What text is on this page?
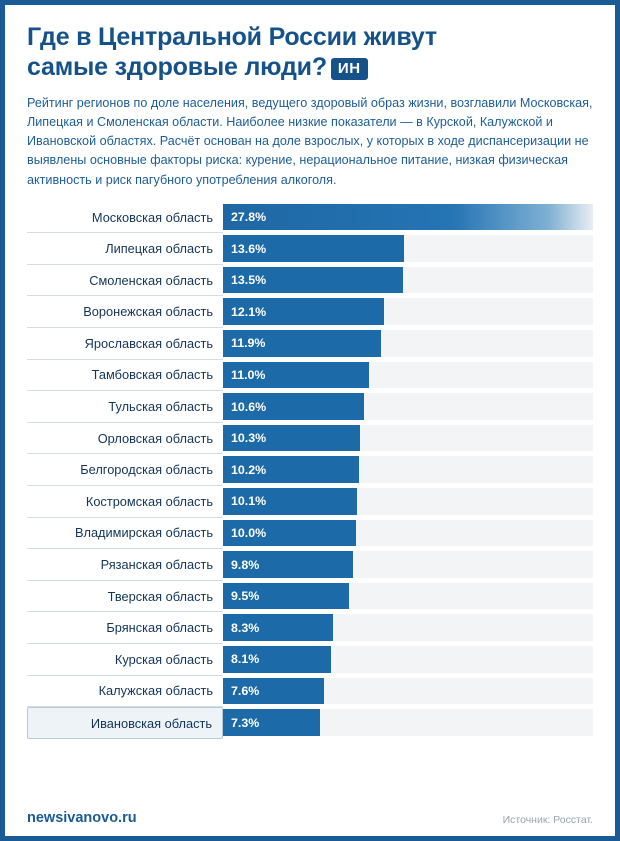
Где в Центральной России живут
самые здоровые люди? ИН

Рейтинг регионов по доле населения, ведущего здоровый образ жизни, возглавили Московская, Липецкая и Смоленская области. Наиболее низкие показатели — в Курской, Калужской и Ивановской областях. Расчёт основан на доле взрослых, у которых в ходе диспансеризации не выявлены основные факторы риска: курение, нерациональное питание, низкая физическая активность и риск пагубного употребления алкоголя.

Московская область	27.8%
Липецкая область	13.6%
Смоленская область	13.5%
Воронежская область	12.1%
Ярославская область	11.9%
Тамбовская область	11.0%
Тульская область	10.6%
Орловская область	10.3%
Белгородская область	10.2%
Костромская область	10.1%
Владимирская область	10.0%
Рязанская область	9.8%
Тверская область	9.5%
Брянская область	8.3%
Курская область	8.1%
Калужская область	7.6%
Ивановская область	7.3%
newsivanovo.ru	Источник: Росстат.
